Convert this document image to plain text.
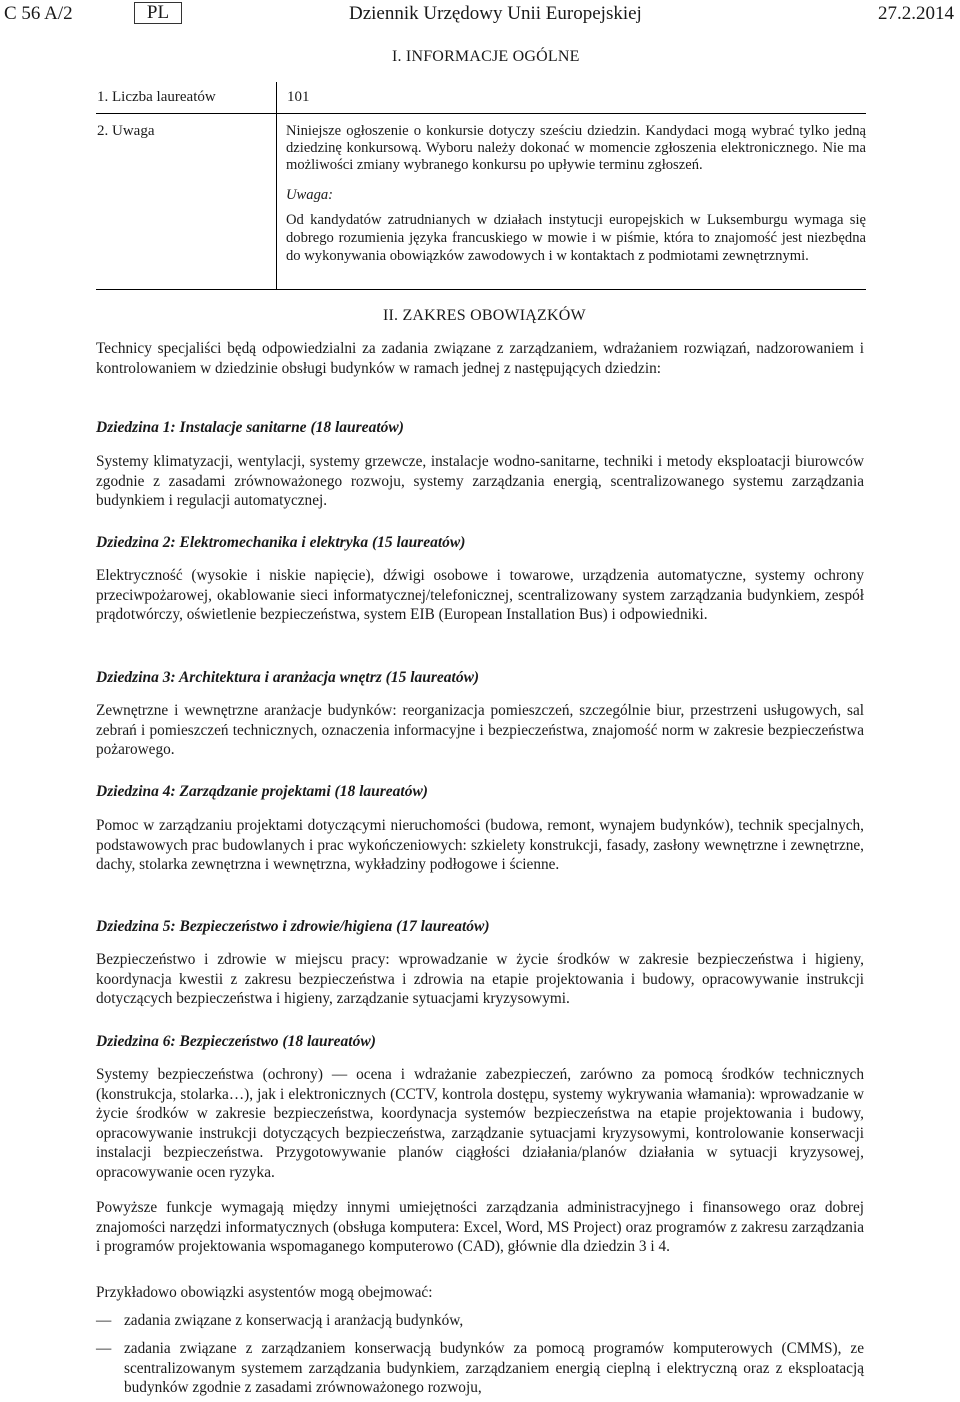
C 56 A/2	PL	Dziennik Urzędowy Unii Europejskiej	27.2.2014
I. INFORMACJE OGÓLNE
1. Liczba laureatów	101
2. Uwaga	Niniejsze ogłoszenie o konkursie dotyczy sześciu dziedzin. Kandydaci mogą wybrać tylko jedną dziedzinę konkursową. Wyboru należy dokonać w momencie zgłoszenia elektronicznego. Nie ma możliwości zmiany wybranego konkursu po upływie terminu zgłoszeń.
Uwaga:
Od kandydatów zatrudnianych w działach instytucji europejskich w Luksemburgu wymaga się dobrego rozumienia języka francuskiego w mowie i w piśmie, która to znajomość jest niezbędna do wykonywania obowiązków zawodowych i w kontaktach z podmiotami zewnętrznymi.
II. ZAKRES OBOWIĄZKÓW
Technicy specjaliści będą odpowiedzialni za zadania związane z zarządzaniem, wdrażaniem rozwiązań, nadzorowaniem i kontrolowaniem w dziedzinie obsługi budynków w ramach jednej z następujących dziedzin:
Dziedzina 1: Instalacje sanitarne (18 laureatów)
Systemy klimatyzacji, wentylacji, systemy grzewcze, instalacje wodno-sanitarne, techniki i metody eksploatacji biurowców zgodnie z zasadami zrównoważonego rozwoju, systemy zarządzania energią, scentralizowanego systemu zarządzania budynkiem i regulacji automatycznej.
Dziedzina 2: Elektromechanika i elektryka (15 laureatów)
Elektryczność (wysokie i niskie napięcie), dźwigi osobowe i towarowe, urządzenia automatyczne, systemy ochrony przeciwpożarowej, okablowanie sieci informatycznej/telefonicznej, scentralizowany system zarządzania budynkiem, zespół prądotwórczy, oświetlenie bezpieczeństwa, system EIB (European Installation Bus) i odpowiedniki.
Dziedzina 3: Architektura i aranżacja wnętrz (15 laureatów)
Zewnętrzne i wewnętrzne aranżacje budynków: reorganizacja pomieszczeń, szczególnie biur, przestrzeni usługowych, sal zebrań i pomieszczeń technicznych, oznaczenia informacyjne i bezpieczeństwa, znajomość norm w zakresie bezpieczeństwa pożarowego.
Dziedzina 4: Zarządzanie projektami (18 laureatów)
Pomoc w zarządzaniu projektami dotyczącymi nieruchomości (budowa, remont, wynajem budynków), technik specjalnych, podstawowych prac budowlanych i prac wykończeniowych: szkielety konstrukcji, fasady, zasłony wewnętrzne i zewnętrzne, dachy, stolarka zewnętrzna i wewnętrzna, wykładziny podłogowe i ścienne.
Dziedzina 5: Bezpieczeństwo i zdrowie/higiena (17 laureatów)
Bezpieczeństwo i zdrowie w miejscu pracy: wprowadzanie w życie środków w zakresie bezpieczeństwa i higieny, koordynacja kwestii z zakresu bezpieczeństwa i zdrowia na etapie projektowania i budowy, opracowywanie instrukcji dotyczących bezpieczeństwa i higieny, zarządzanie sytuacjami kryzysowymi.
Dziedzina 6: Bezpieczeństwo (18 laureatów)
Systemy bezpieczeństwa (ochrony) — ocena i wdrażanie zabezpieczeń, zarówno za pomocą środków technicznych (konstrukcja, stolarka…), jak i elektronicznych (CCTV, kontrola dostępu, systemy wykrywania włamania): wprowadzanie w życie środków w zakresie bezpieczeństwa, koordynacja systemów bezpieczeństwa na etapie projektowania i budowy, opracowywanie instrukcji dotyczących bezpieczeństwa, zarządzanie sytuacjami kryzysowymi, kontrolowanie konserwacji instalacji bezpieczeństwa. Przygotowywanie planów ciągłości działania/planów działania w sytuacji kryzysowej, opracowywanie ocen ryzyka.
Powyższe funkcje wymagają między innymi umiejętności zarządzania administracyjnego i finansowego oraz dobrej znajomości narzędzi informatycznych (obsługa komputera: Excel, Word, MS Project) oraz programów z zakresu zarządzania i programów projektowania wspomaganego komputerowo (CAD), głównie dla dziedzin 3 i 4.
Przykładowo obowiązki asystentów mogą obejmować:
— zadania związane z konserwacją i aranżacją budynków,
— zadania związane z zarządzaniem konserwacją budynków za pomocą programów komputerowych (CMMS), ze scentralizowanym systemem zarządzania budynkiem, zarządzaniem energią cieplną i elektryczną oraz z eksploatacją budynków zgodnie z zasadami zrównoważonego rozwoju,
